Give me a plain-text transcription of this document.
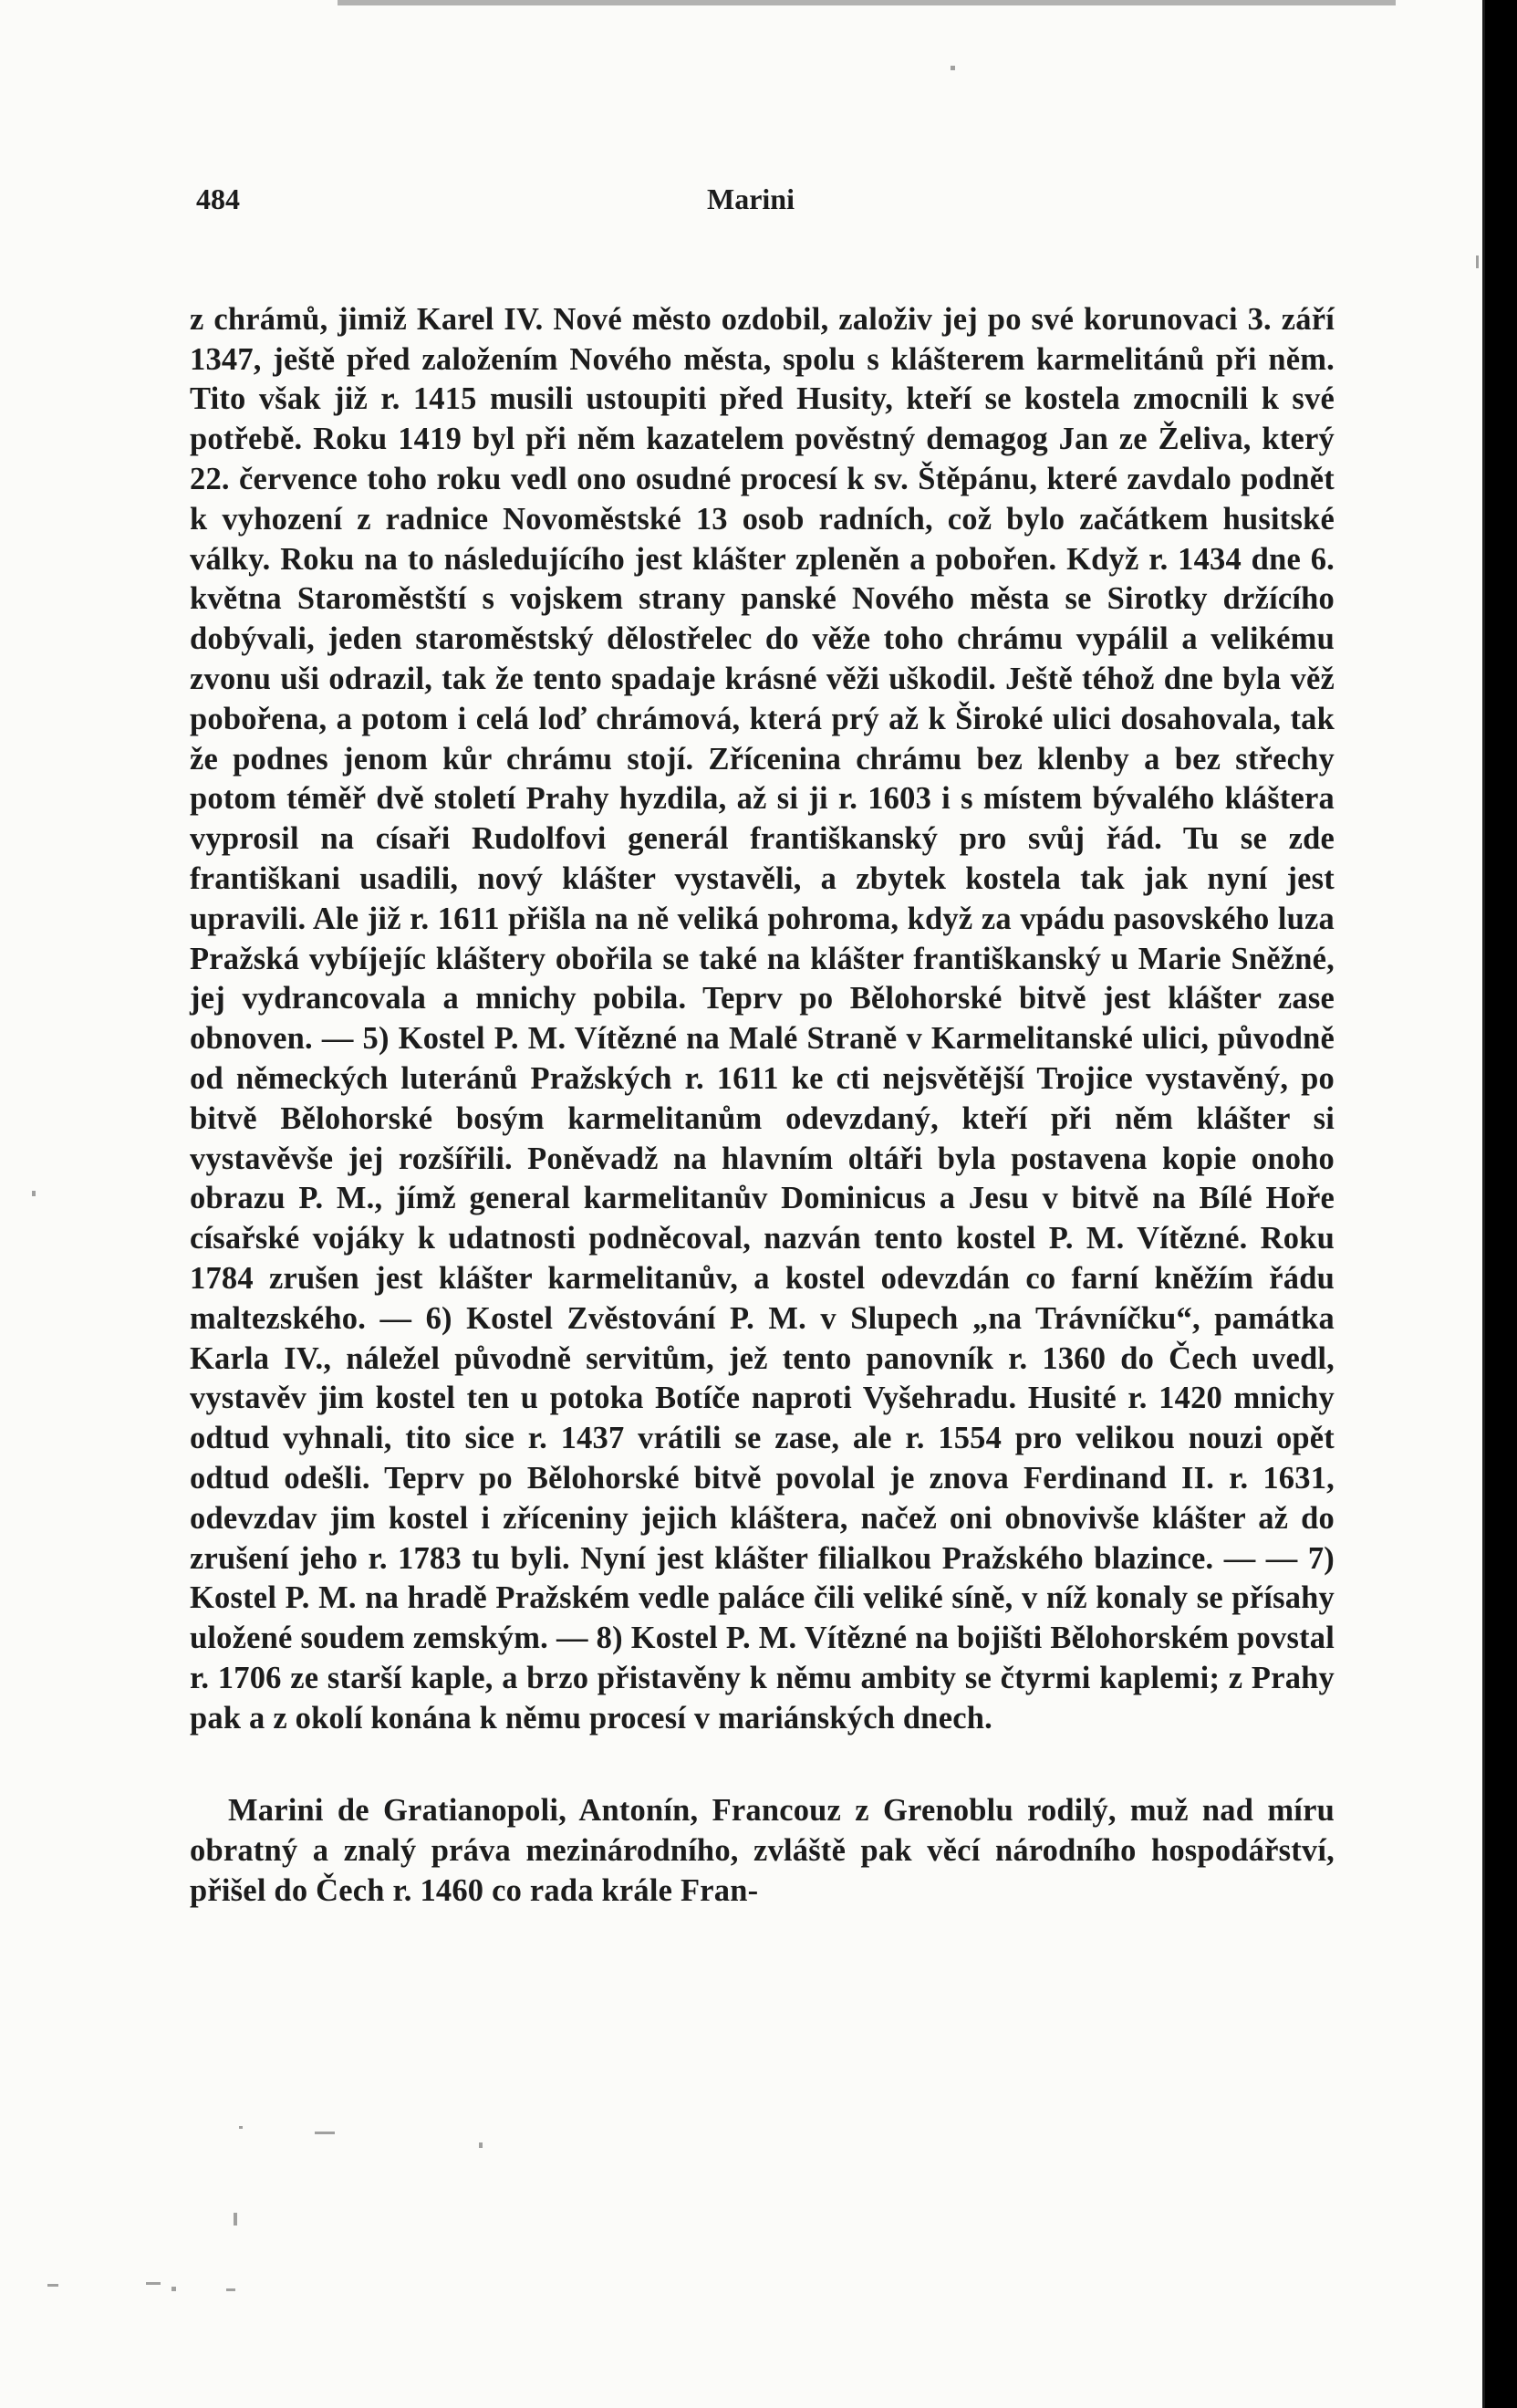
484	Marini

z chrámů, jimiž Karel IV. Nové město ozdobil, založiv jej po své korunovaci 3. září 1347, ještě před založením Nového města, spolu s klášterem karmelitánů při něm. Tito však již r. 1415 musili ustoupiti před Husity, kteří se kostela zmocnili k své potřebě. Roku 1419 byl při něm kazatelem pověstný demagog Jan ze Želiva, který 22. července toho roku vedl ono osudné procesí k sv. Štěpánu, které zavdalo podnět k vyhození z radnice Novoměstské 13 osob radních, což bylo začátkem husitské války. Roku na to následujícího jest klášter zpleněn a pobořen. Když r. 1434 dne 6. května Staroměstští s vojskem strany panské Nového města se Sirotky držícího dobývali, jeden staroměstský dělostřelec do věže toho chrámu vypálil a velikému zvonu uši odrazil, tak že tento spadaje krásné věži uškodil. Ještě téhož dne byla věž pobořena, a potom i celá loď chrámová, která prý až k Široké ulici dosahovala, tak že podnes jenom kůr chrámu stojí. Zřícenina chrámu bez klenby a bez střechy potom téměř dvě století Prahy hyzdila, až si ji r. 1603 i s místem bývalého kláštera vyprosil na císaři Rudolfovi generál františkanský pro svůj řád. Tu se zde františkani usadili, nový klášter vystavěli, a zbytek kostela tak jak nyní jest upravili. Ale již r. 1611 přišla na ně veliká pohroma, když za vpádu pasovského luza Pražská vybíjejíc kláštery obořila se také na klášter františkanský u Marie Sněžné, jej vydrancovala a mnichy pobila. Teprv po Bělohorské bitvě jest klášter zase obnoven. — 5) Kostel P. M. Vítězné na Malé Straně v Karmelitanské ulici, původně od německých luteránů Pražských r. 1611 ke cti nejsvětější Trojice vystavěný, po bitvě Bělohorské bosým karmelitanům odevzdaný, kteří při něm klášter si vystavěvše jej rozšířili. Poněvadž na hlavním oltáři byla postavena kopie onoho obrazu P. M., jímž general karmelitanův Dominicus a Jesu v bitvě na Bílé Hoře císařské vojáky k udatnosti podněcoval, nazván tento kostel P. M. Vítězné. Roku 1784 zrušen jest klášter karmelitanův, a kostel odevzdán co farní kněžím řádu maltezského. — 6) Kostel Zvěstování P. M. v Slupech „na Trávníčku“, památka Karla IV., náležel původně servitům, jež tento panovník r. 1360 do Čech uvedl, vystavěv jim kostel ten u potoka Botíče naproti Vyšehradu. Husité r. 1420 mnichy odtud vyhnali, tito sice r. 1437 vrátili se zase, ale r. 1554 pro velikou nouzi opět odtud odešli. Teprv po Bělohorské bitvě povolal je znova Ferdinand II. r. 1631, odevzdav jim kostel i zříceniny jejich kláštera, načež oni obnovivše klášter až do zrušení jeho r. 1783 tu byli. Nyní jest klášter filialkou Pražského blazince. — — 7) Kostel P. M. na hradě Pražském vedle paláce čili veliké síně, v níž konaly se přísahy uložené soudem zemským. — 8) Kostel P. M. Vítězné na bojišti Bělohorském povstal r. 1706 ze starší kaple, a brzo přistavěny k němu ambity se čtyrmi kaplemi; z Prahy pak a z okolí konána k němu procesí v mariánských dnech.

Marini de Gratianopoli, Antonín, Francouz z Grenoblu rodilý, muž nad míru obratný a znalý práva mezinárodního, zvláště pak věcí národního hospodářství, přišel do Čech r. 1460 co rada krále Fran-
